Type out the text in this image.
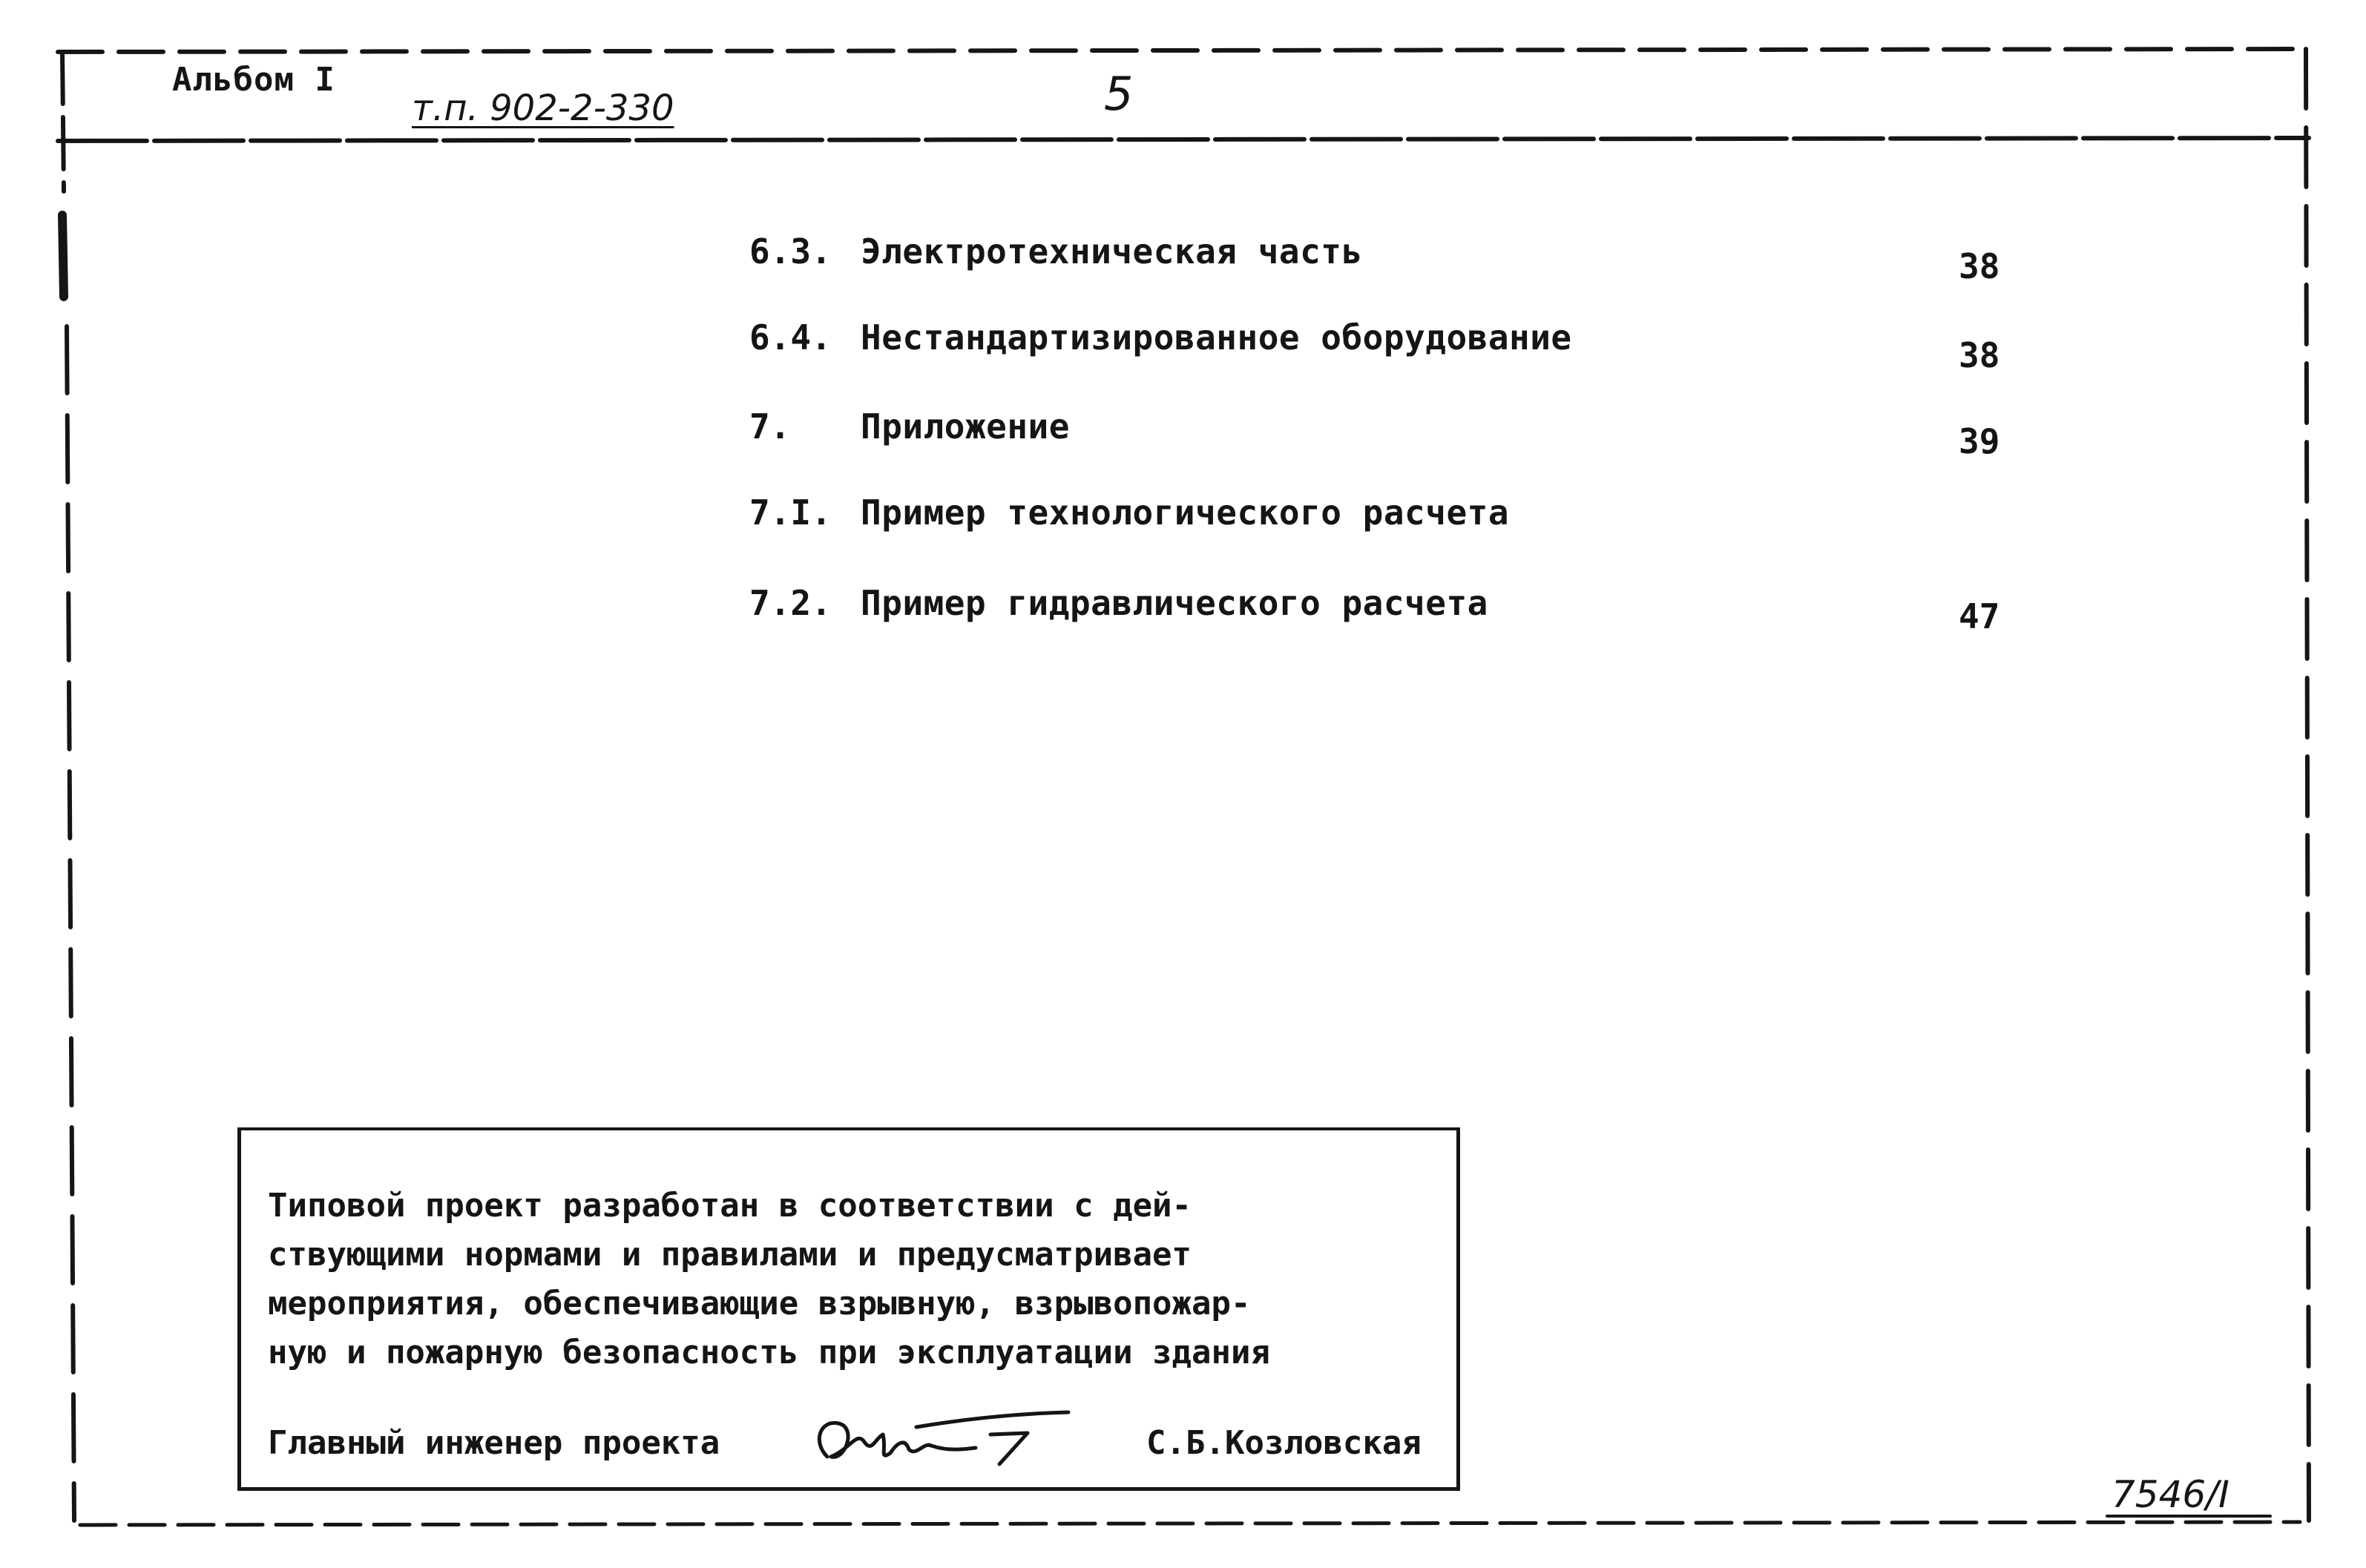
Альбом I
т.п. 902-2-330	5
6.3. Электротехническая часть	38
6.4. Нестандартизированное оборудование	38
7. Приложение	39
7.I. Пример технологического расчета
7.2. Пример гидравлического расчета	47
Типовой проект разработан в соответствии с дей-
ствующими нормами и правилами и предусматривает
мероприятия, обеспечивающие взрывную, взрывопожар-
ную и пожарную безопасность при эксплуатации здания
Главный инженер проекта	С.Б.Козловская
7546/I
